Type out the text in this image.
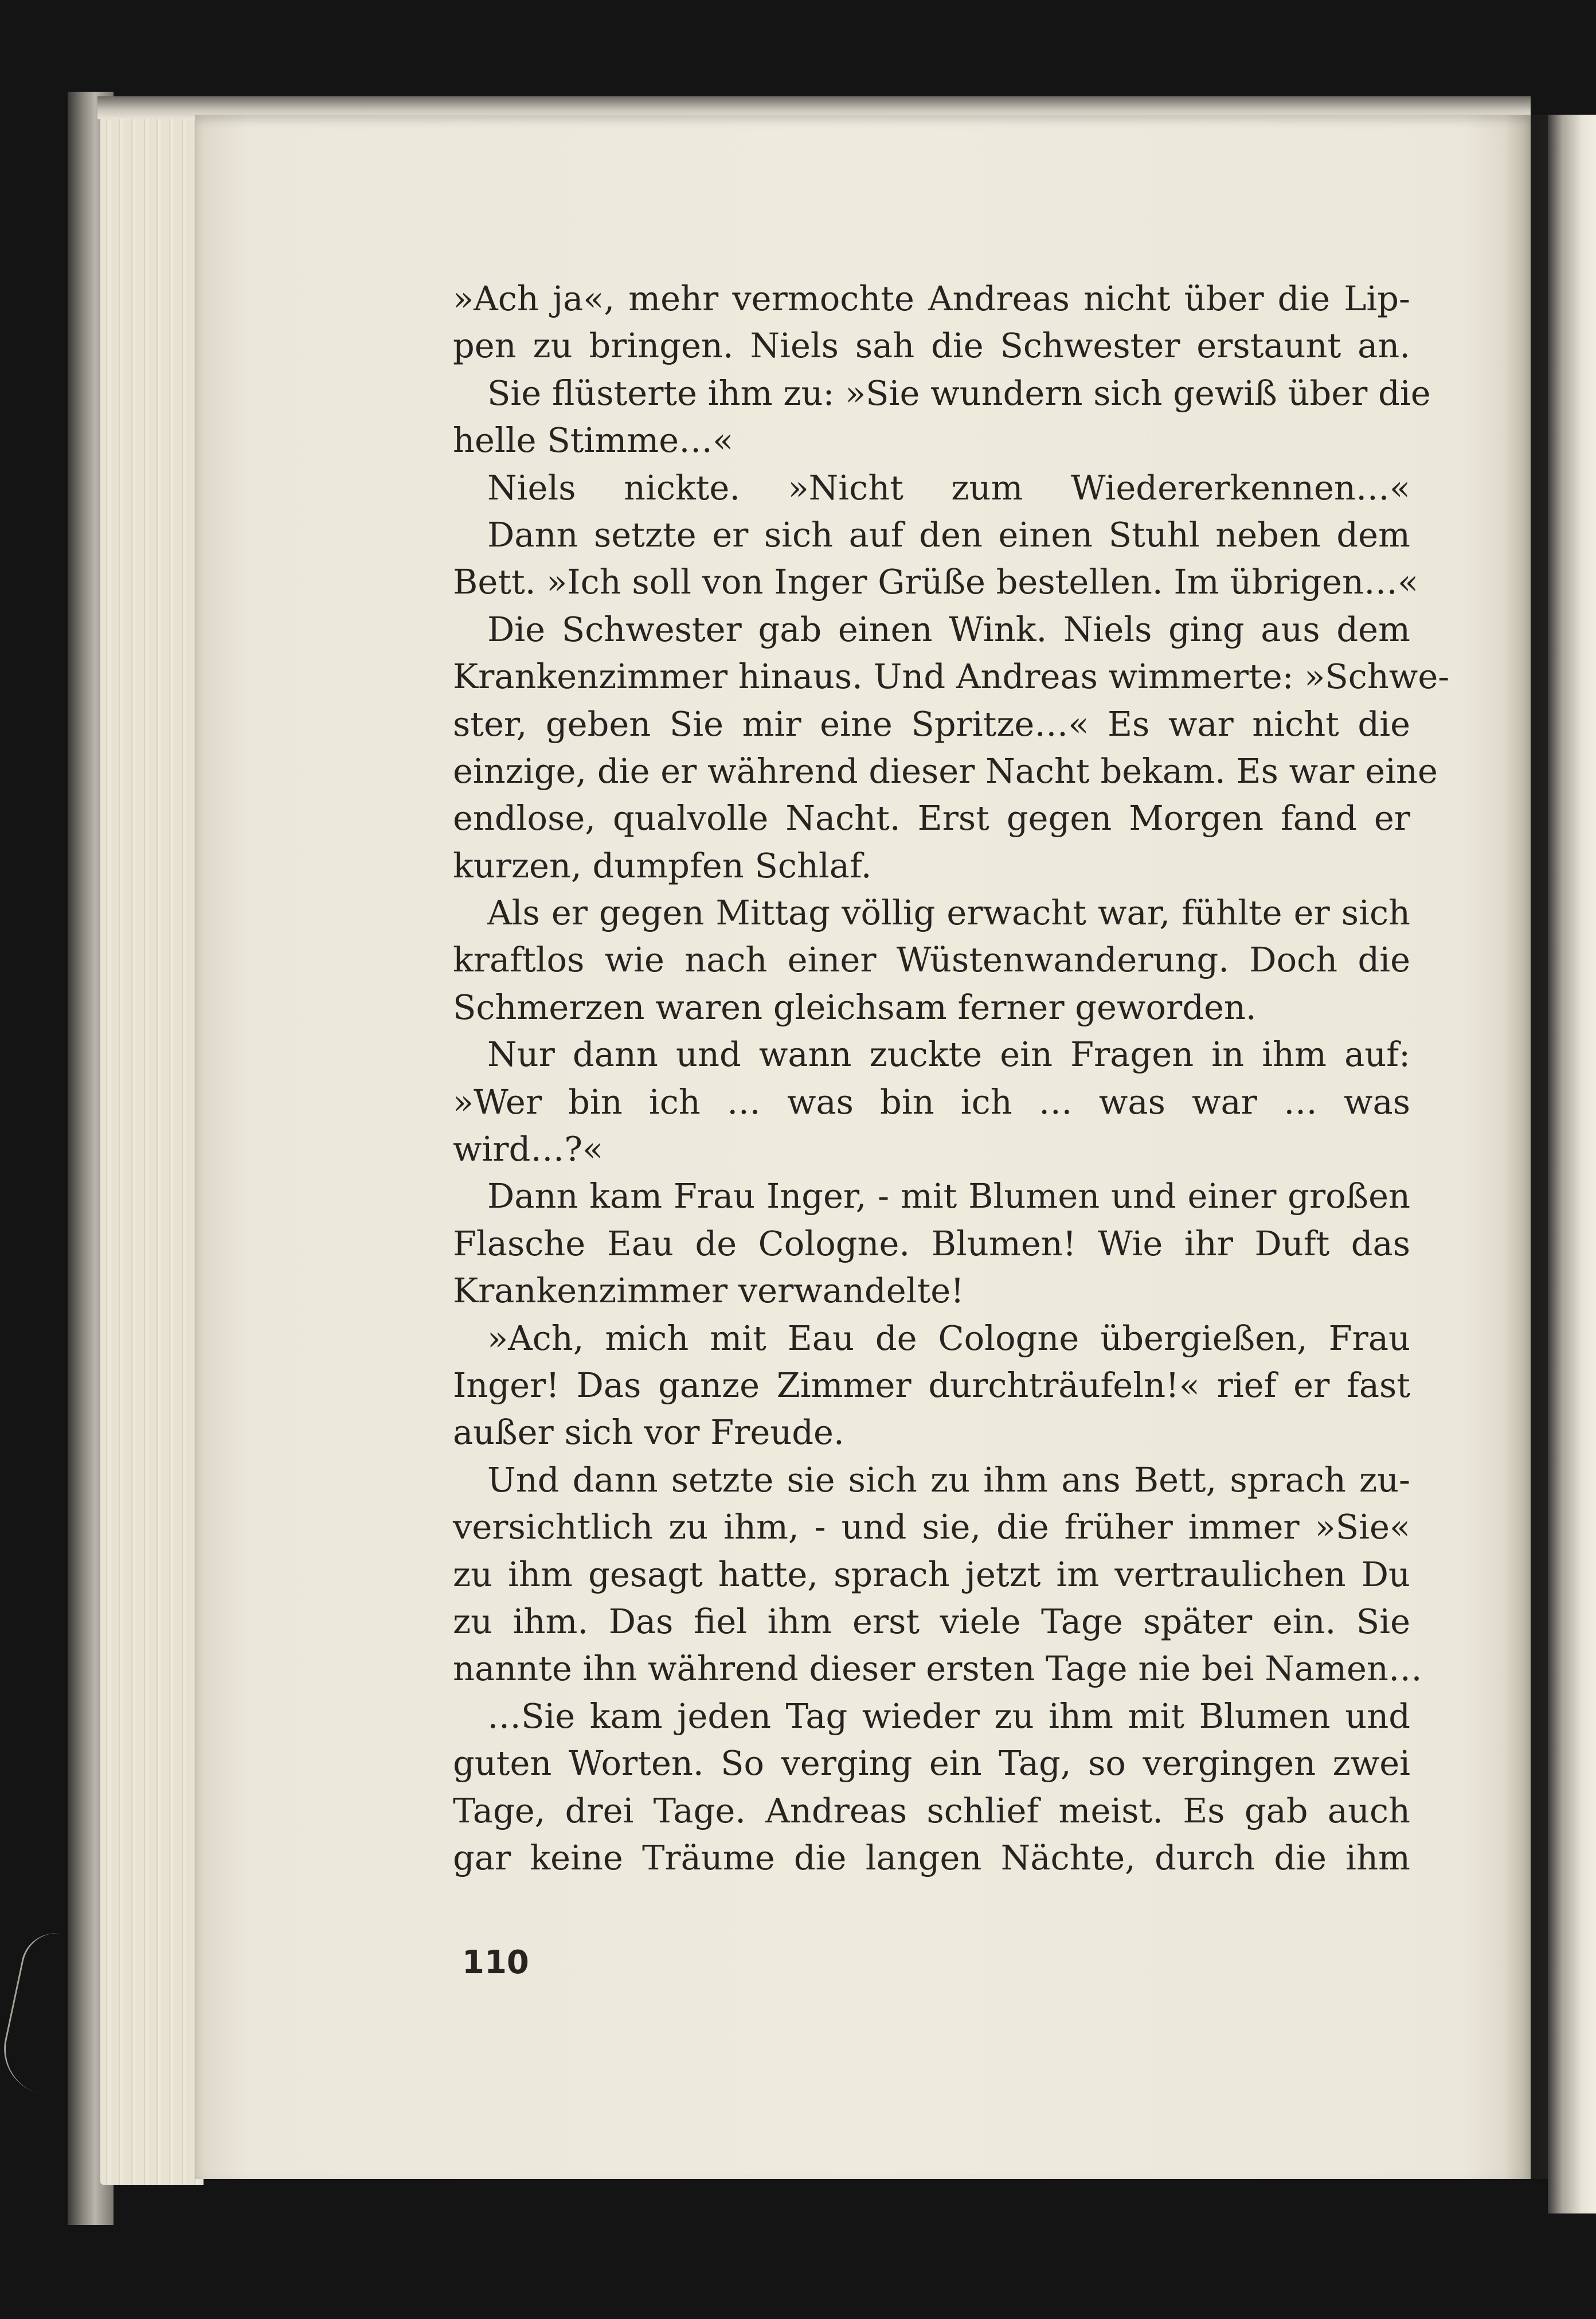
»Ach ja«, mehr vermochte Andreas nicht über die Lip-
pen zu bringen. Niels sah die Schwester erstaunt an.
Sie flüsterte ihm zu: »Sie wundern sich gewiß über die
helle Stimme…«
Niels nickte. »Nicht zum Wiedererkennen…«
Dann setzte er sich auf den einen Stuhl neben dem
Bett. »Ich soll von Inger Grüße bestellen. Im übrigen…«
Die Schwester gab einen Wink. Niels ging aus dem
Krankenzimmer hinaus. Und Andreas wimmerte: »Schwe-
ster, geben Sie mir eine Spritze…« Es war nicht die
einzige, die er während dieser Nacht bekam. Es war eine
endlose, qualvolle Nacht. Erst gegen Morgen fand er
kurzen, dumpfen Schlaf.
Als er gegen Mittag völlig erwacht war, fühlte er sich
kraftlos wie nach einer Wüstenwanderung. Doch die
Schmerzen waren gleichsam ferner geworden.
Nur dann und wann zuckte ein Fragen in ihm auf:
»Wer bin ich … was bin ich … was war … was
wird…?«
Dann kam Frau Inger, - mit Blumen und einer großen
Flasche Eau de Cologne. Blumen! Wie ihr Duft das
Krankenzimmer verwandelte!
»Ach, mich mit Eau de Cologne übergießen, Frau
Inger! Das ganze Zimmer durchträufeln!« rief er fast
außer sich vor Freude.
Und dann setzte sie sich zu ihm ans Bett, sprach zu-
versichtlich zu ihm, - und sie, die früher immer »Sie«
zu ihm gesagt hatte, sprach jetzt im vertraulichen Du
zu ihm. Das fiel ihm erst viele Tage später ein. Sie
nannte ihn während dieser ersten Tage nie bei Namen…
…Sie kam jeden Tag wieder zu ihm mit Blumen und
guten Worten. So verging ein Tag, so vergingen zwei
Tage, drei Tage. Andreas schlief meist. Es gab auch
gar keine Träume die langen Nächte, durch die ihm
110
